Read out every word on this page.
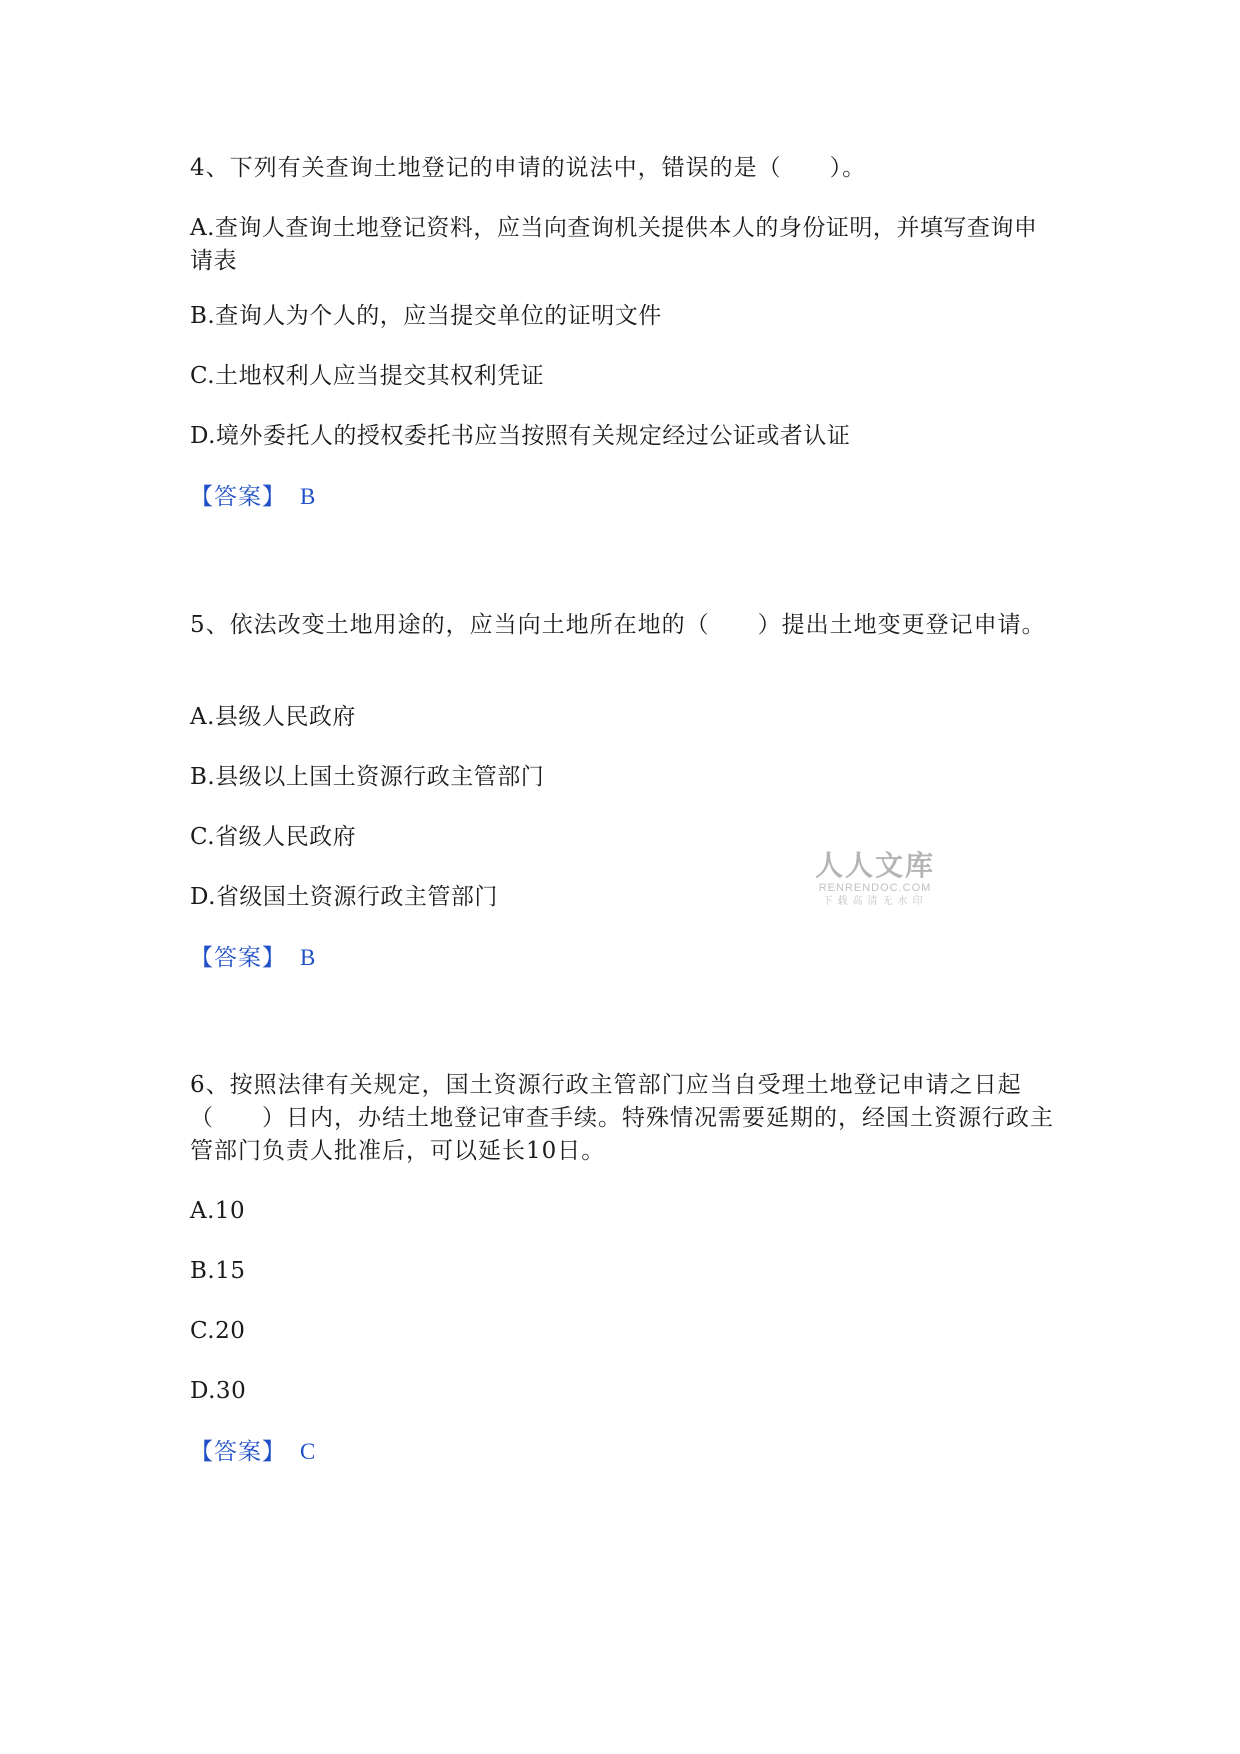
4、下列有关查询土地登记的申请的说法中，错误的是（　　）。

A.查询人查询土地登记资料，应当向查询机关提供本人的身份证明，并填写查询申请表

B.查询人为个人的，应当提交单位的证明文件

C.土地权利人应当提交其权利凭证

D.境外委托人的授权委托书应当按照有关规定经过公证或者认证

【答案】 B

5、依法改变土地用途的，应当向土地所在地的（　　）提出土地变更登记申请。

A.县级人民政府

B.县级以上国土资源行政主管部门

C.省级人民政府

D.省级国土资源行政主管部门

【答案】 B

6、按照法律有关规定，国土资源行政主管部门应当自受理土地登记申请之日起（　　）日内，办结土地登记审查手续。特殊情况需要延期的，经国土资源行政主管部门负责人批准后，可以延长10日。

A.10

B.15

C.20

D.30

【答案】 C

人人文库
RENRENDOC.COM
下载高清无水印
